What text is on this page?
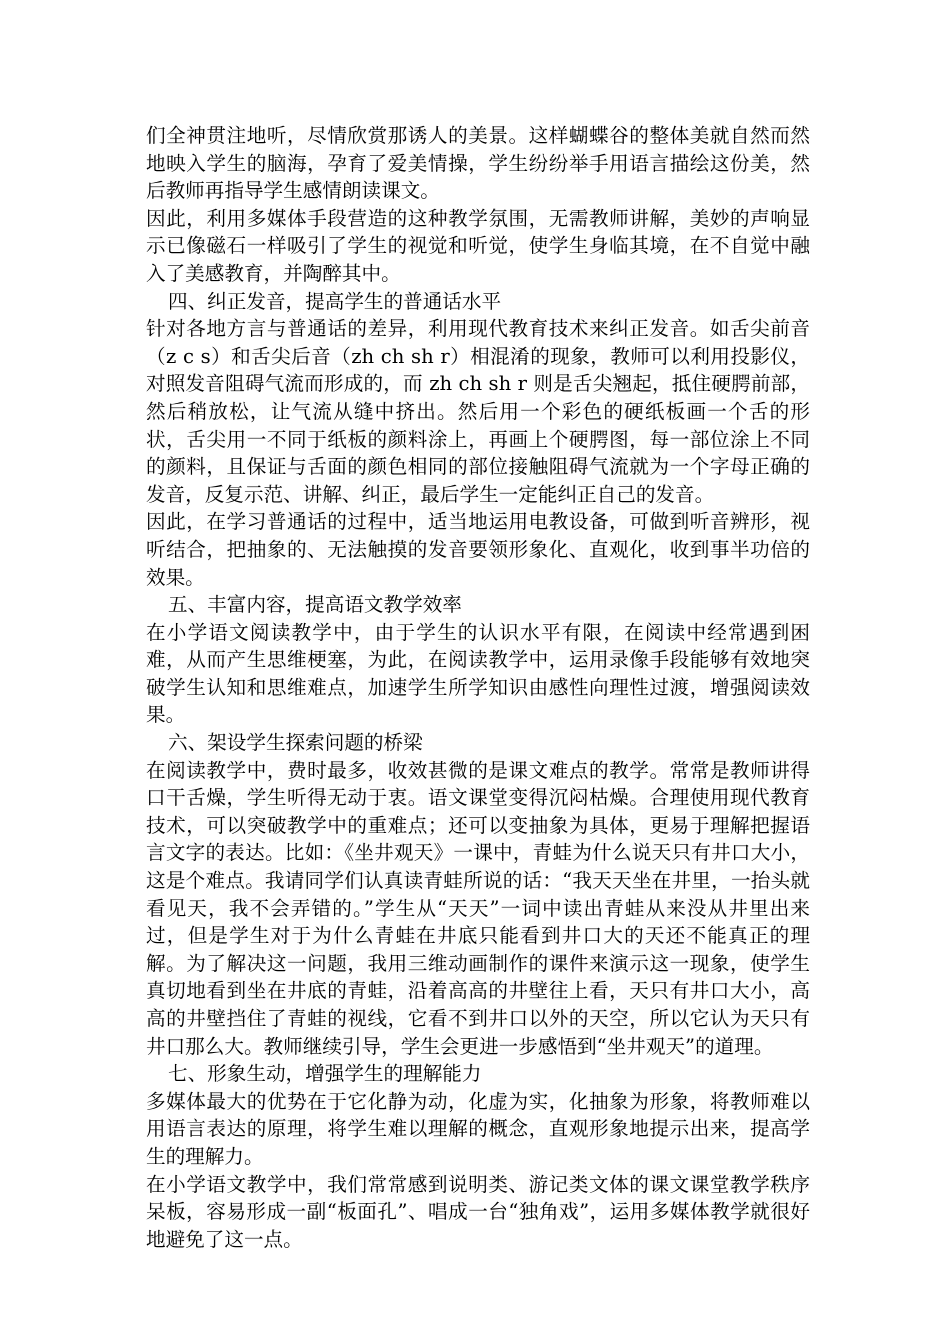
们全神贯注地听，尽情欣赏那诱人的美景。这样蝴蝶谷的整体美就自然而然地映入学生的脑海，孕育了爱美情操，学生纷纷举手用语言描绘这份美，然后教师再指导学生感情朗读课文。

因此，利用多媒体手段营造的这种教学氛围，无需教师讲解，美妙的声响显示已像磁石一样吸引了学生的视觉和听觉，使学生身临其境，在不自觉中融入了美感教育，并陶醉其中。

四、纠正发音，提高学生的普通话水平

针对各地方言与普通话的差异，利用现代教育技术来纠正发音。如舌尖前音（z c s）和舌尖后音（zh ch sh r）相混淆的现象，教师可以利用投影仪，对照发音阻碍气流而形成的，而 zh ch sh r 则是舌尖翘起，抵住硬腭前部，然后稍放松，让气流从缝中挤出。然后用一个彩色的硬纸板画一个舌的形状，舌尖用一不同于纸板的颜料涂上，再画上个硬腭图，每一部位涂上不同的颜料，且保证与舌面的颜色相同的部位接触阻碍气流就为一个字母正确的发音，反复示范、讲解、纠正，最后学生一定能纠正自己的发音。

因此，在学习普通话的过程中，适当地运用电教设备，可做到听音辨形，视听结合，把抽象的、无法触摸的发音要领形象化、直观化，收到事半功倍的效果。

五、丰富内容，提高语文教学效率

在小学语文阅读教学中，由于学生的认识水平有限，在阅读中经常遇到困难，从而产生思维梗塞，为此，在阅读教学中，运用录像手段能够有效地突破学生认知和思维难点，加速学生所学知识由感性向理性过渡，增强阅读效果。

六、架设学生探索问题的桥梁

在阅读教学中，费时最多，收效甚微的是课文难点的教学。常常是教师讲得口干舌燥，学生听得无动于衷。语文课堂变得沉闷枯燥。合理使用现代教育技术，可以突破教学中的重难点；还可以变抽象为具体，更易于理解把握语言文字的表达。比如：《坐井观天》一课中，青蛙为什么说天只有井口大小，这是个难点。我请同学们认真读青蛙所说的话：“我天天坐在井里，一抬头就看见天，我不会弄错的。”学生从“天天”一词中读出青蛙从来没从井里出来过，但是学生对于为什么青蛙在井底只能看到井口大的天还不能真正的理解。为了解决这一问题，我用三维动画制作的课件来演示这一现象，使学生真切地看到坐在井底的青蛙，沿着高高的井壁往上看，天只有井口大小，高高的井壁挡住了青蛙的视线，它看不到井口以外的天空，所以它认为天只有井口那么大。教师继续引导，学生会更进一步感悟到“坐井观天”的道理。

七、形象生动，增强学生的理解能力

多媒体最大的优势在于它化静为动，化虚为实，化抽象为形象，将教师难以用语言表达的原理，将学生难以理解的概念，直观形象地提示出来，提高学生的理解力。

在小学语文教学中，我们常常感到说明类、游记类文体的课文课堂教学秩序呆板，容易形成一副“板面孔”、唱成一台“独角戏”，运用多媒体教学就很好地避免了这一点。
